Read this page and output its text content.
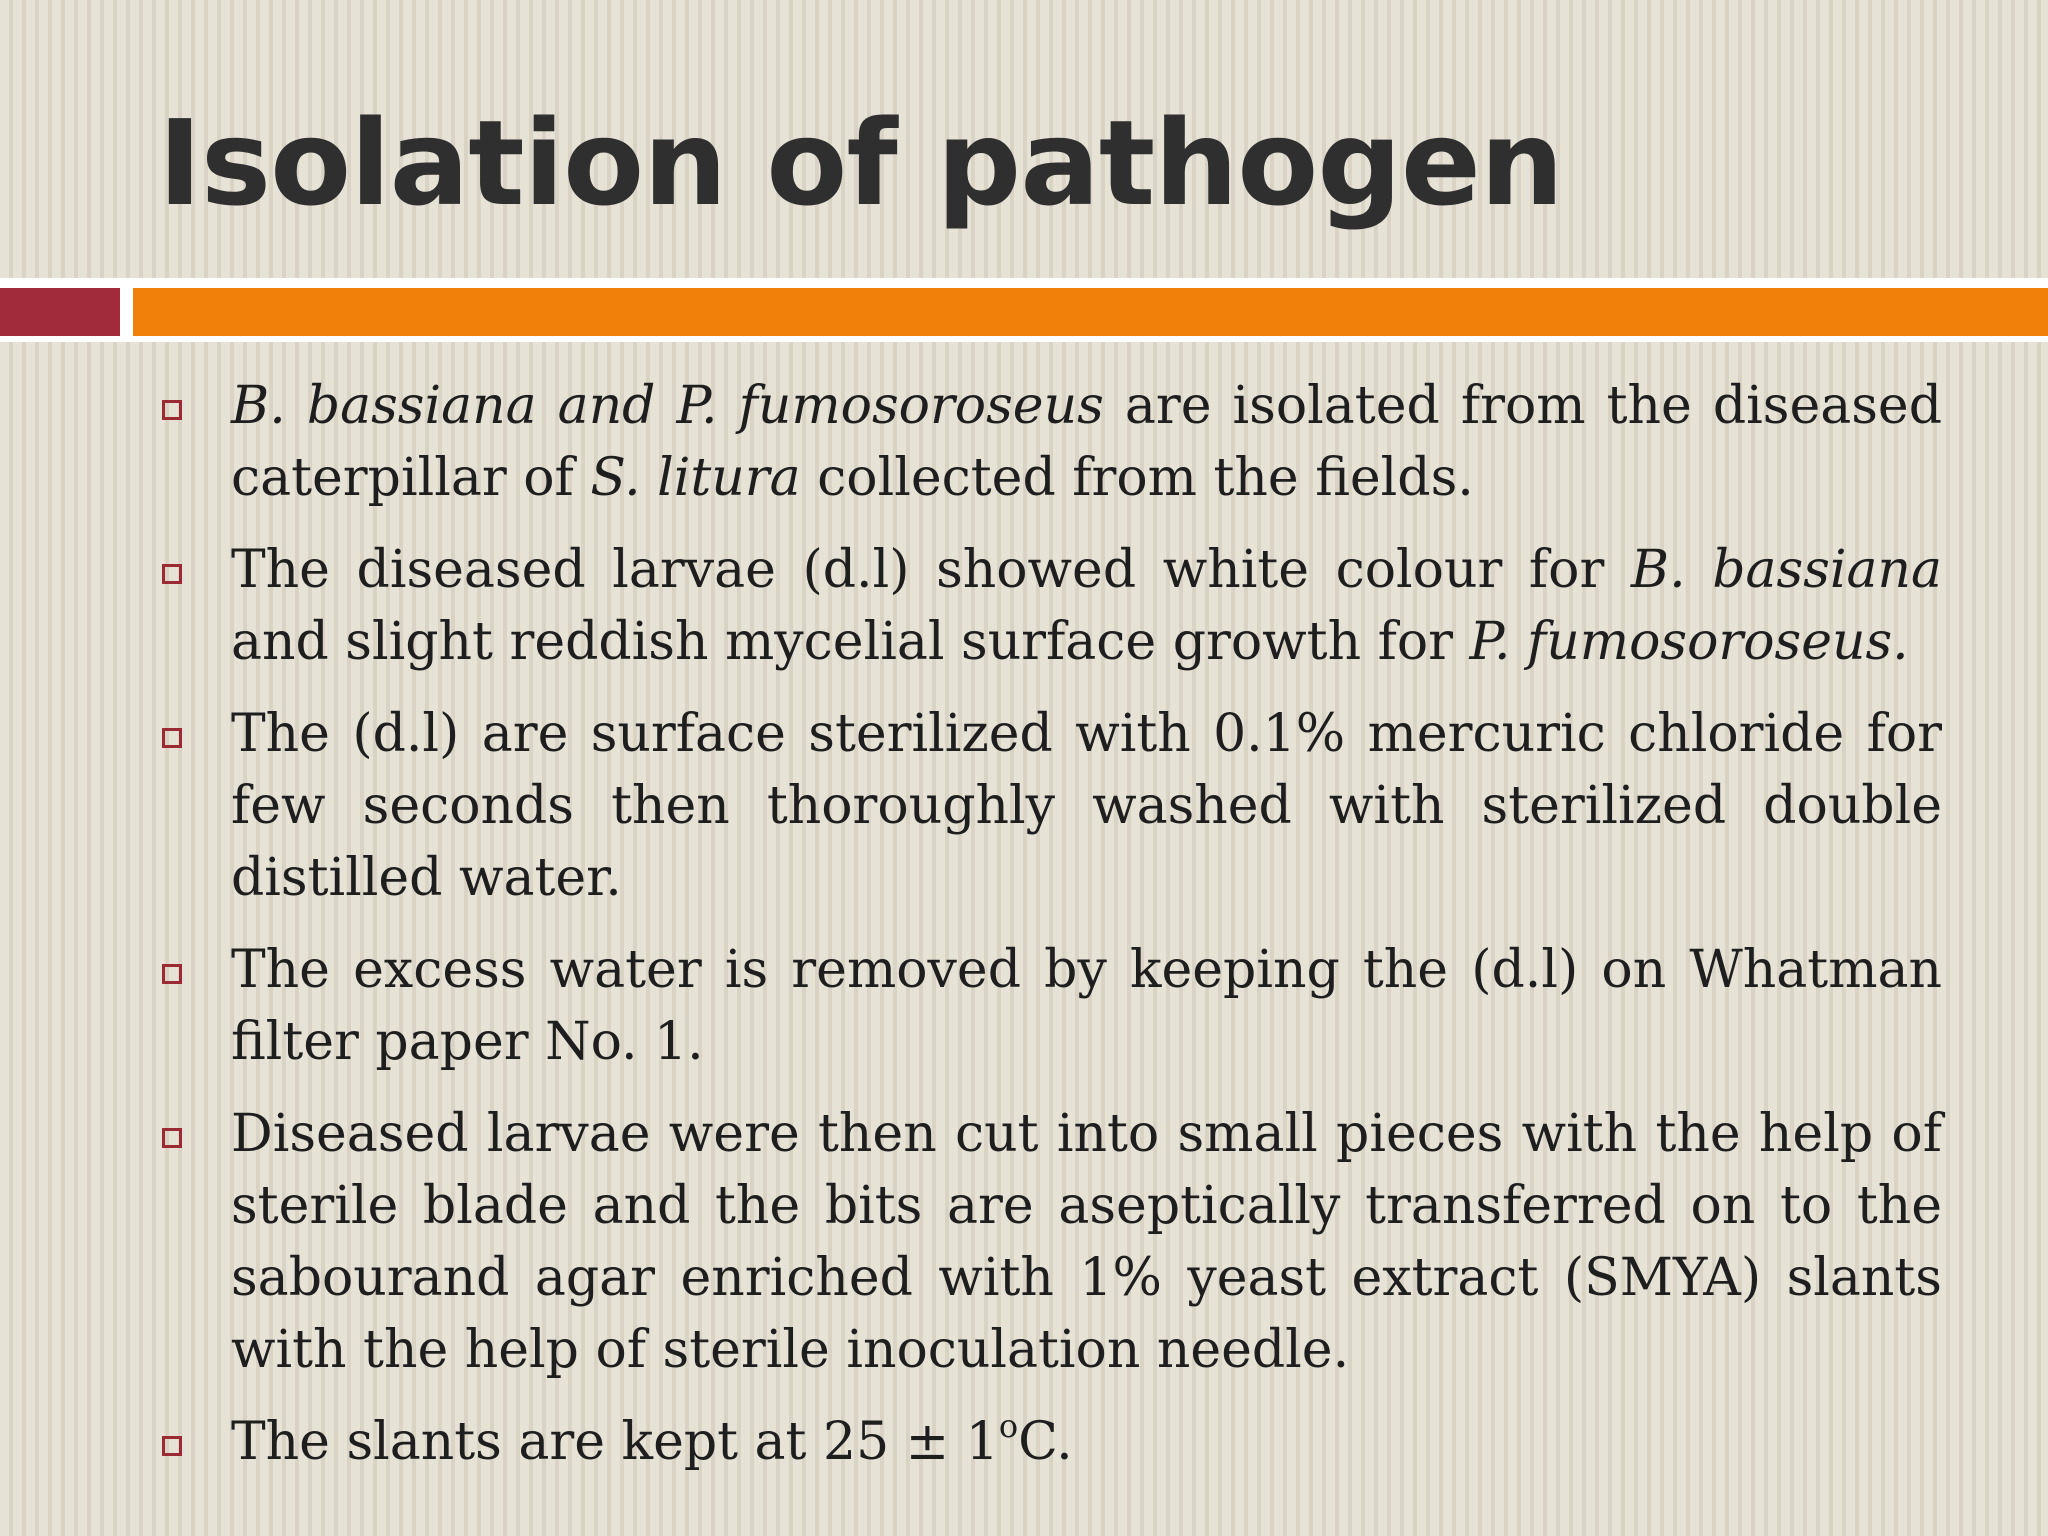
Isolation of pathogen
B. bassiana and P. fumosoroseus are isolated from the diseased caterpillar of S. litura collected from the fields.
The diseased larvae (d.l) showed white colour for B. bassiana and slight reddish mycelial surface growth for P. fumosoroseus.
The (d.l) are surface sterilized with 0.1% mercuric chloride for few seconds then thoroughly washed with sterilized double distilled water.
The excess water is removed by keeping the (d.l) on Whatman filter paper No. 1.
Diseased larvae were then cut into small pieces with the help of sterile blade and the bits are aseptically transferred on to the sabourand agar enriched with 1% yeast extract (SMYA) slants with the help of sterile inoculation needle.
The slants are kept at $25 \pm 1^oC$.
